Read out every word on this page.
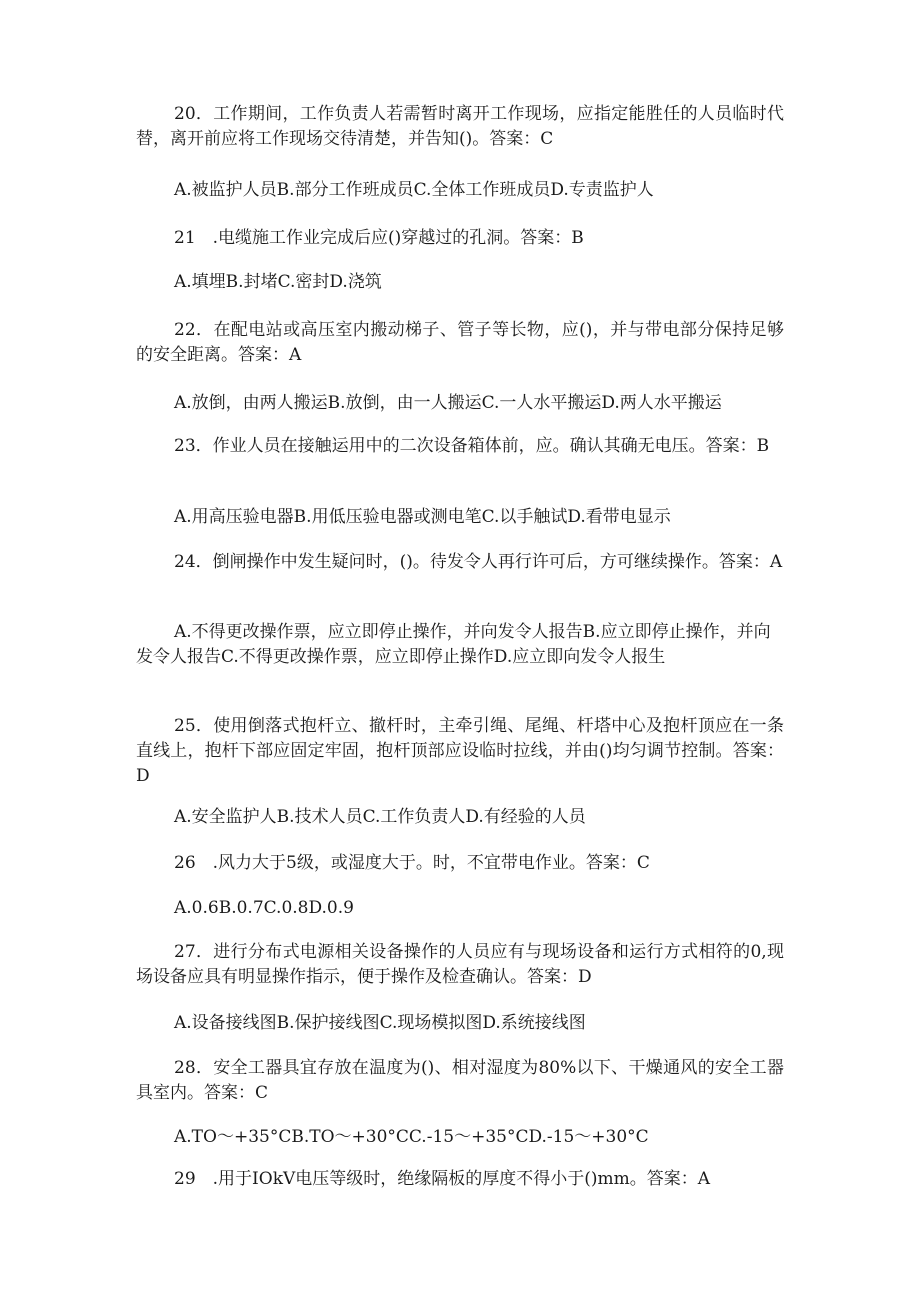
20．工作期间，工作负责人若需暂时离开工作现场，应指定能胜任的人员临时代替，离开前应将工作现场交待清楚，并告知()。答案：C

A.被监护人员B.部分工作班成员C.全体工作班成员D.专责监护人

21　.电缆施工作业完成后应()穿越过的孔洞。答案：B

A.填埋B.封堵C.密封D.浇筑

22．在配电站或高压室内搬动梯子、管子等长物，应()，并与带电部分保持足够的安全距离。答案：A

A.放倒，由两人搬运B.放倒，由一人搬运C.一人水平搬运D.两人水平搬运

23．作业人员在接触运用中的二次设备箱体前，应。确认其确无电压。答案：B

A.用高压验电器B.用低压验电器或测电笔C.以手触试D.看带电显示

24．倒闸操作中发生疑问时，()。待发令人再行许可后，方可继续操作。答案：A

A.不得更改操作票，应立即停止操作，并向发令人报告B.应立即停止操作，并向发令人报告C.不得更改操作票，应立即停止操作D.应立即向发令人报生

25．使用倒落式抱杆立、撤杆时，主牵引绳、尾绳、杆塔中心及抱杆顶应在一条直线上，抱杆下部应固定牢固，抱杆顶部应设临时拉线，并由()均匀调节控制。答案：D

A.安全监护人B.技术人员C.工作负责人D.有经验的人员

26　.风力大于5级，或湿度大于。时，不宜带电作业。答案：C

A.0.6B.0.7C.0.8D.0.9

27．进行分布式电源相关设备操作的人员应有与现场设备和运行方式相符的0,现场设备应具有明显操作指示，便于操作及检查确认。答案：D

A.设备接线图B.保护接线图C.现场模拟图D.系统接线图

28．安全工器具宜存放在温度为()、相对湿度为80%以下、干燥通风的安全工器具室内。答案：C

A.TO～+35°CB.TO～+30°CC.-15～+35°CD.-15～+30°C

29　.用于IOkV电压等级时，绝缘隔板的厚度不得小于()mm。答案：A
